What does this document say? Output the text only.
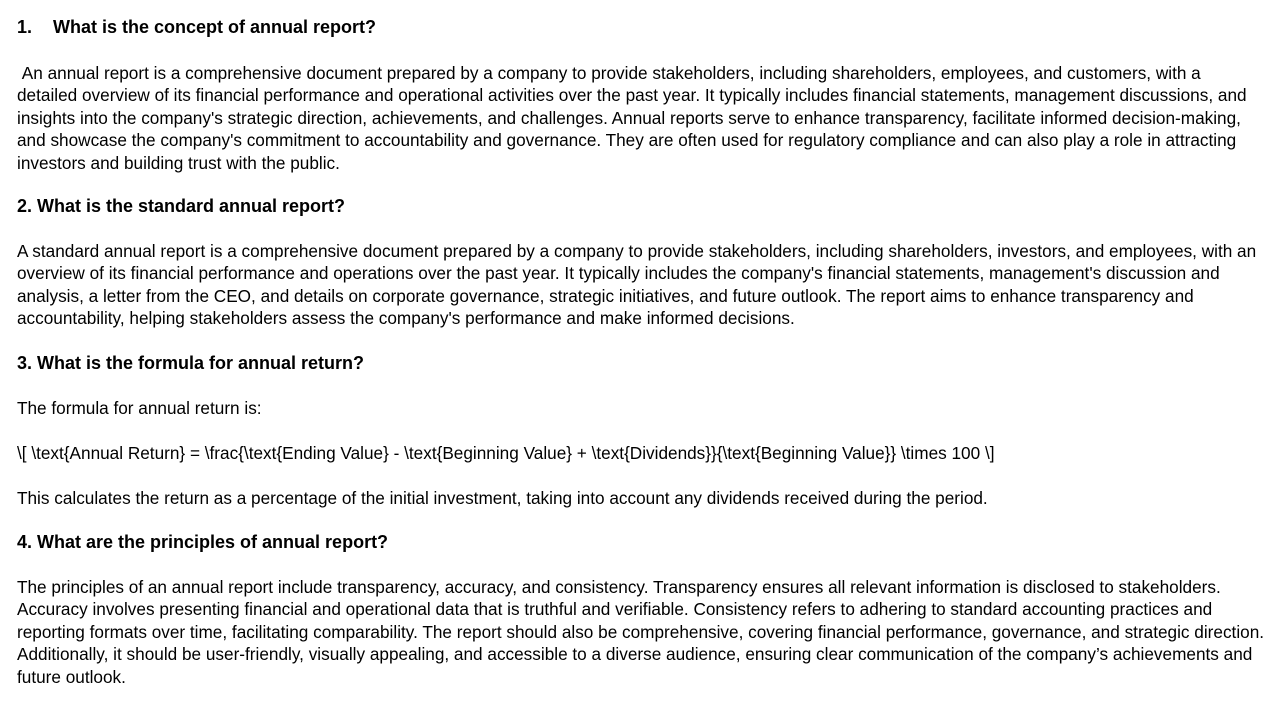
1. What is the concept of annual report?

An annual report is a comprehensive document prepared by a company to provide stakeholders, including shareholders, employees, and customers, with a detailed overview of its financial performance and operational activities over the past year. It typically includes financial statements, management discussions, and insights into the company's strategic direction, achievements, and challenges. Annual reports serve to enhance transparency, facilitate informed decision-making, and showcase the company's commitment to accountability and governance. They are often used for regulatory compliance and can also play a role in attracting investors and building trust with the public.

2. What is the standard annual report?

A standard annual report is a comprehensive document prepared by a company to provide stakeholders, including shareholders, investors, and employees, with an overview of its financial performance and operations over the past year. It typically includes the company's financial statements, management's discussion and analysis, a letter from the CEO, and details on corporate governance, strategic initiatives, and future outlook. The report aims to enhance transparency and accountability, helping stakeholders assess the company's performance and make informed decisions.

3. What is the formula for annual return?

The formula for annual return is:

\[ \text{Annual Return} = \frac{\text{Ending Value} - \text{Beginning Value} + \text{Dividends}}{\text{Beginning Value}} \times 100 \]

This calculates the return as a percentage of the initial investment, taking into account any dividends received during the period.

4. What are the principles of annual report?

The principles of an annual report include transparency, accuracy, and consistency. Transparency ensures all relevant information is disclosed to stakeholders. Accuracy involves presenting financial and operational data that is truthful and verifiable. Consistency refers to adhering to standard accounting practices and reporting formats over time, facilitating comparability. The report should also be comprehensive, covering financial performance, governance, and strategic direction. Additionally, it should be user-friendly, visually appealing, and accessible to a diverse audience, ensuring clear communication of the company’s achievements and future outlook.
